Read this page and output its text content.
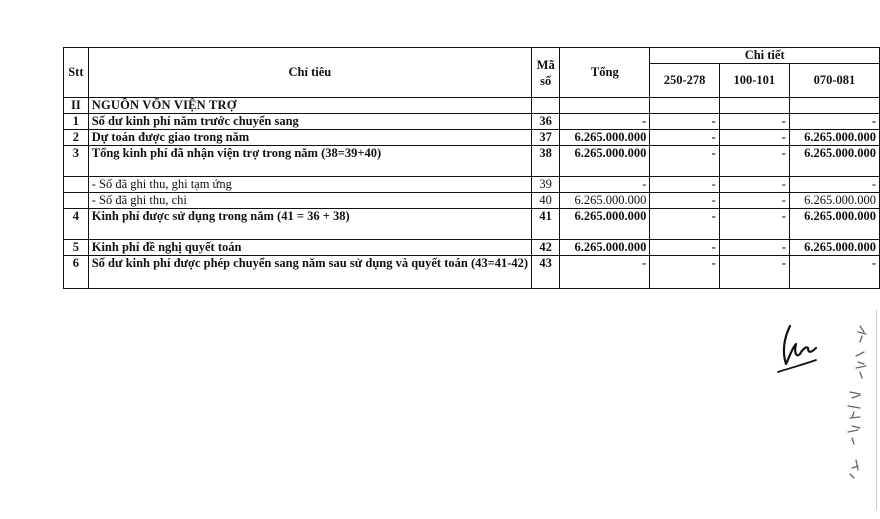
Stt	Chỉ tiêu	Mã số	Tổng	Chi tiết		
				250-278	100-101	070-081
II	NGUỒN VỐN VIỆN TRỢ					
1	Số dư kinh phí năm trước chuyển sang	36	-	-	-	-
2	Dự toán được giao trong năm	37	6.265.000.000	-	-	6.265.000.000
3	Tổng kinh phí đã nhận viện trợ trong năm (38=39+40)	38	6.265.000.000	-	-	6.265.000.000
	- Số đã ghi thu, ghi tạm ứng	39	-	-	-	-
	- Số đã ghi thu, chi	40	6.265.000.000	-	-	6.265.000.000
4	Kinh phí được sử dụng trong năm (41 = 36 + 38)	41	6.265.000.000	-	-	6.265.000.000
5	Kinh phí đề nghị quyết toán	42	6.265.000.000	-	-	6.265.000.000
6	Số dư kinh phí được phép chuyển sang năm sau sử dụng và quyết toán (43=41-42)	43	-	-	-	-
